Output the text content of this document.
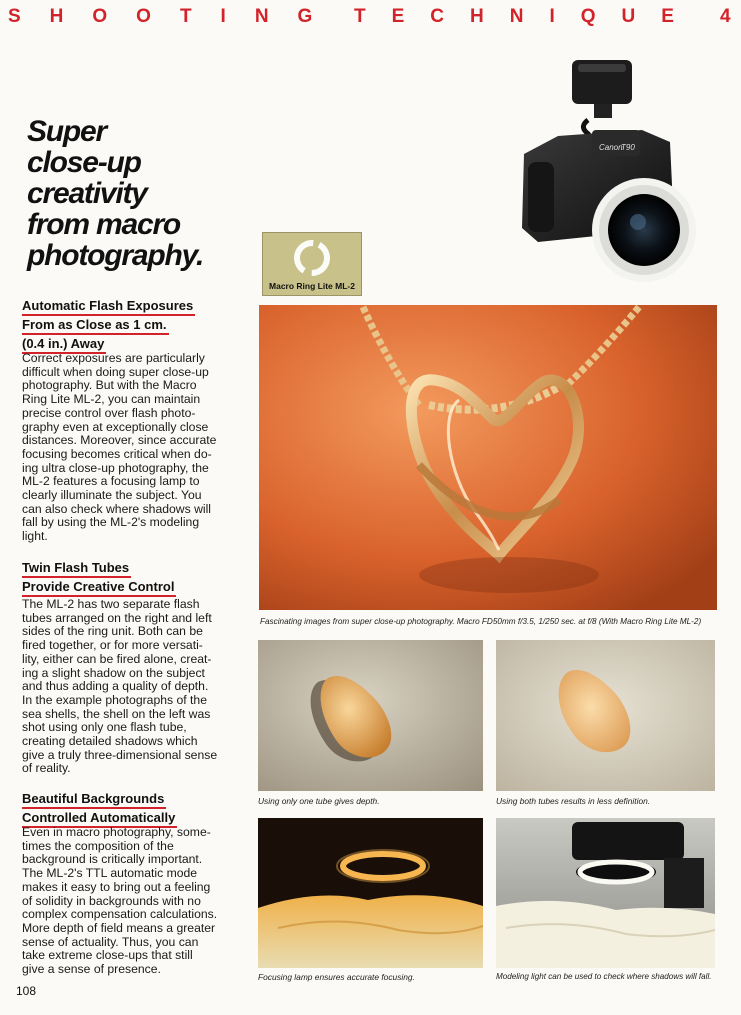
SHOOTING TECHNIQUE 4
Super
close-up
creativity
from macro
photography.
Automatic Flash Exposures
From as Close as 1 cm.
(0.4 in.) Away
Correct exposures are particularly
difficult when doing super close-up
photography. But with the Macro
Ring Lite ML-2, you can maintain
precise control over flash photo-
graphy even at exceptionally close
distances. Moreover, since accurate
focusing becomes critical when do-
ing ultra close-up photography, the
ML-2 features a focusing lamp to
clearly illuminate the subject. You
can also check where shadows will
fall by using the ML-2's modeling
light.
Twin Flash Tubes
Provide Creative Control
The ML-2 has two separate flash
tubes arranged on the right and left
sides of the ring unit. Both can be
fired together, or for more versati-
lity, either can be fired alone, creat-
ing a slight shadow on the subject
and thus adding a quality of depth.
In the example photographs of the
sea shells, the shell on the left was
shot using only one flash tube,
creating detailed shadows which
give a truly three-dimensional sense
of reality.
Beautiful Backgrounds
Controlled Automatically
Even in macro photography, some-
times the composition of the
background is critically important.
The ML-2's TTL automatic mode
makes it easy to bring out a feeling
of solidity in backgrounds with no
complex compensation calculations.
More depth of field means a greater
sense of actuality. Thus, you can
take extreme close-ups that still
give a sense of presence.
108
Canon
T90
Macro Ring Lite ML-2
Fascinating images from super close-up photography. Macro FD50mm f/3.5, 1/250 sec. at f/8 (With Macro Ring Lite ML-2)
Using only one tube gives depth.	Using both tubes results in less definition.
Focusing lamp ensures accurate focusing.	Modeling light can be used to check where shadows will fall.
